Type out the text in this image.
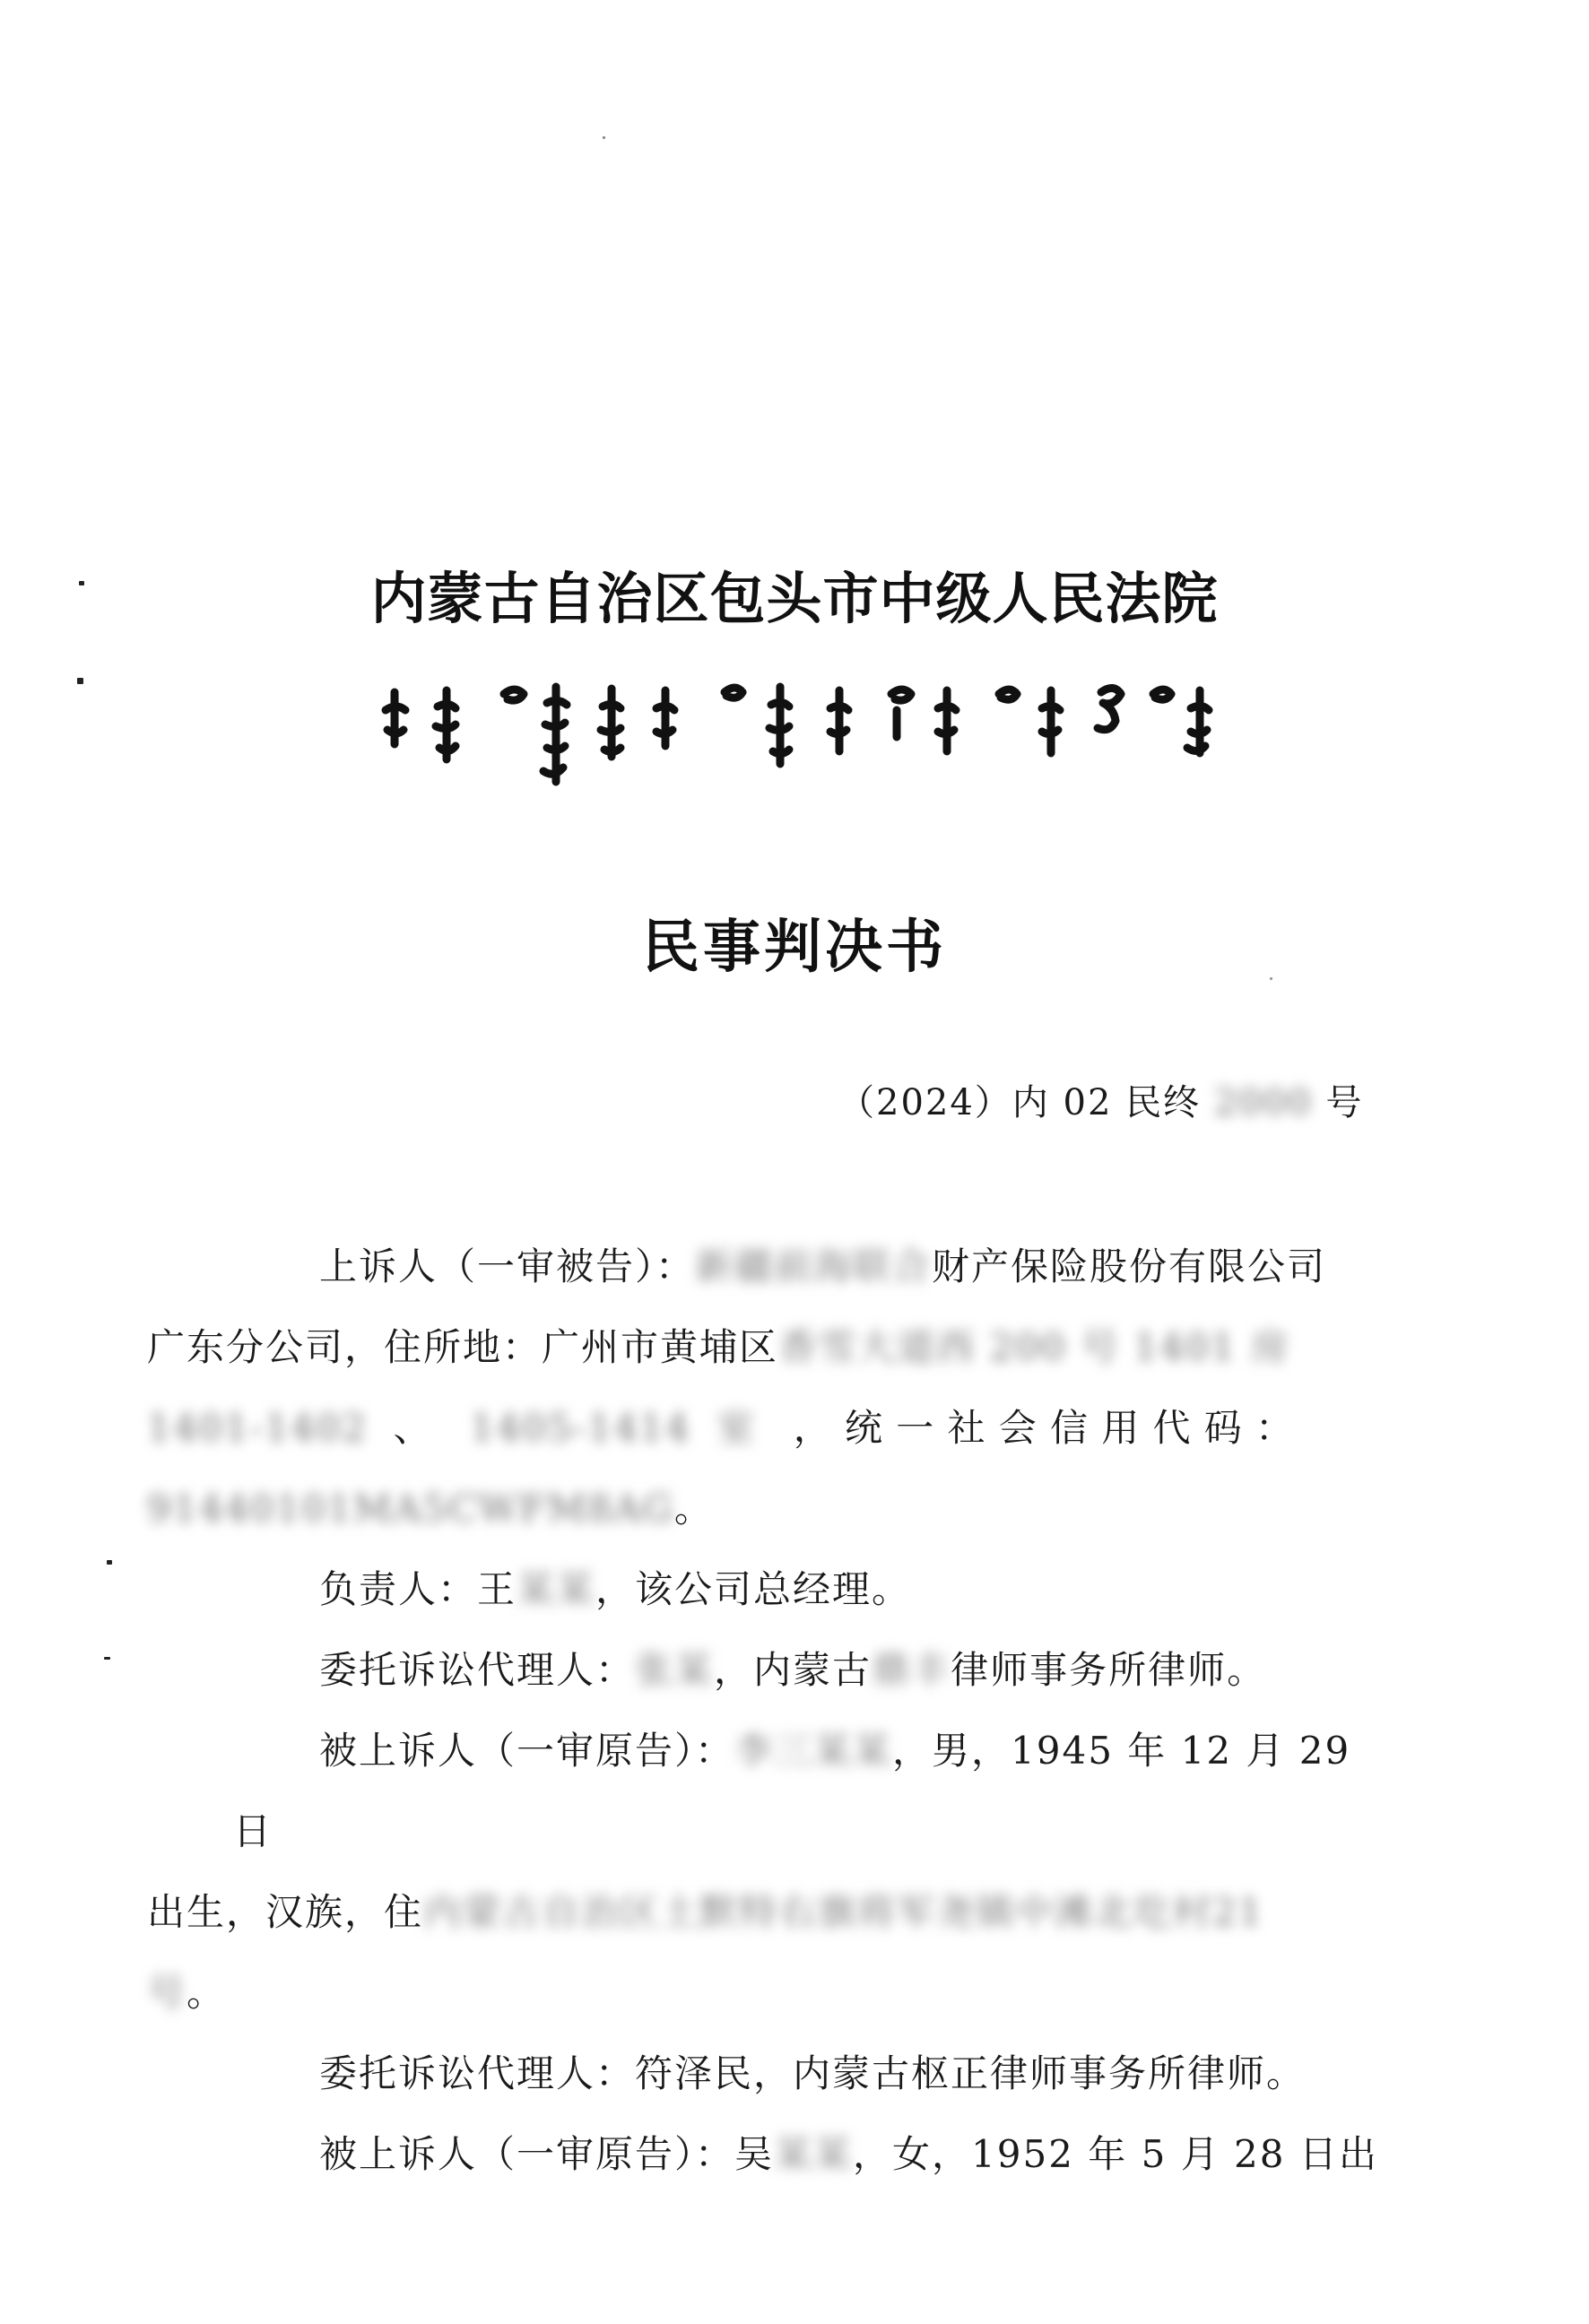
内蒙古自治区包头市中级人民法院
民事判决书
（2024）内 02 民终 2000 号

上诉人（一审被告）：新疆前海联合财产保险股份有限公司
广东分公司，住所地：广州市黄埔区香雪大道西 200 号 1401 房
1401-1402 、 1405-1414 室 ，统一社会信用代码：
91440101MA5CWFM8AG。

负责人：王某某，该公司总经理。

委托诉讼代理人：张某，内蒙古鼎丰律师事务所律师。

被上诉人（一审原告）：李三某某，男，1945 年 12 月 29 日
出生，汉族，住内蒙古自治区土默特右旗将军尧镇中滩北圪村21
号。

委托诉讼代理人：符泽民，内蒙古枢正律师事务所律师。

被上诉人（一审原告）：吴某某，女，1952 年 5 月 28 日出
